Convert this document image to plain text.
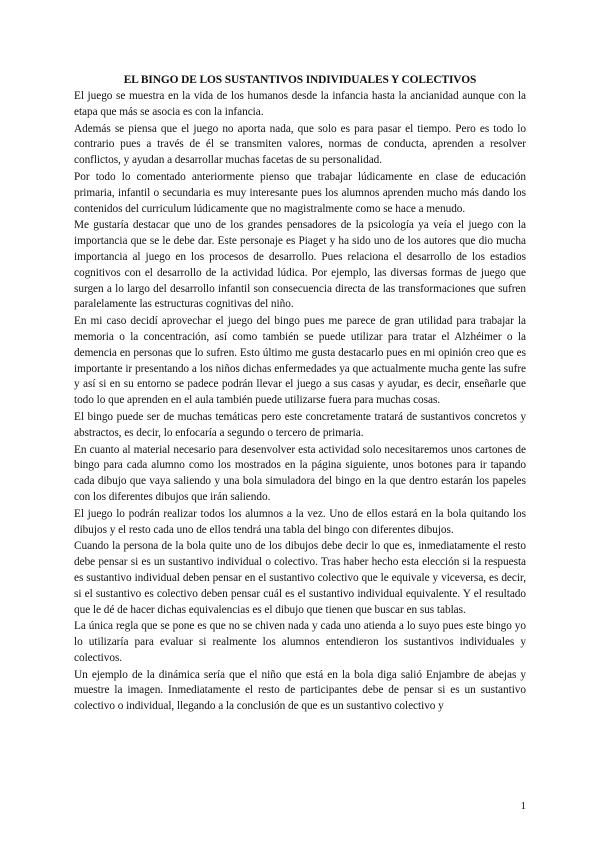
EL BINGO DE LOS SUSTANTIVOS INDIVIDUALES Y COLECTIVOS

El juego se muestra en la vida de los humanos desde la infancia hasta la ancianidad aunque con la etapa que más se asocia es con la infancia.

Además se piensa que el juego no aporta nada, que solo es para pasar el tiempo. Pero es todo lo contrario pues a través de él se transmiten valores, normas de conducta, aprenden a resolver conflictos, y ayudan a desarrollar muchas facetas de su personalidad.

Por todo lo comentado anteriormente pienso que trabajar lúdicamente en clase de educación primaria, infantil o secundaria es muy interesante pues los alumnos aprenden mucho más dando los contenidos del curriculum lúdicamente que no magistralmente como se hace a menudo.

Me gustaría destacar que uno de los grandes pensadores de la psicología ya veía el juego con la importancia que se le debe dar. Este personaje es Piaget y ha sido uno de los autores que dio mucha importancia al juego en los procesos de desarrollo. Pues relaciona el desarrollo de los estadios cognitivos con el desarrollo de la actividad lúdica. Por ejemplo, las diversas formas de juego que surgen a lo largo del desarrollo infantil son consecuencia directa de las transformaciones que sufren paralelamente las estructuras cognitivas del niño.

En mi caso decidí aprovechar el juego del bingo pues me parece de gran utilidad para trabajar la memoria o la concentración, así como también se puede utilizar para tratar el Alzhéimer o la demencia en personas que lo sufren. Esto último me gusta destacarlo pues en mi opinión creo que es importante ir presentando a los niños dichas enfermedades ya que actualmente mucha gente las sufre y así si en su entorno se padece podrán llevar el juego a sus casas y ayudar, es decir, enseñarle que todo lo que aprenden en el aula también puede utilizarse fuera para muchas cosas.

El bingo puede ser de muchas temáticas pero este concretamente tratará de sustantivos concretos y abstractos, es decir, lo enfocaría a segundo o tercero de primaria.

En cuanto al material necesario para desenvolver esta actividad solo necesitaremos unos cartones de bingo para cada alumno como los mostrados en la página siguiente, unos botones para ir tapando cada dibujo que vaya saliendo y una bola simuladora del bingo en la que dentro estarán los papeles con los diferentes dibujos que irán saliendo.

El juego lo podrán realizar todos los alumnos a la vez. Uno de ellos estará en la bola quitando los dibujos y el resto cada uno de ellos tendrá una tabla del bingo con diferentes dibujos.

Cuando la persona de la bola quite uno de los dibujos debe decir lo que es, inmediatamente el resto debe pensar si es un sustantivo individual o colectivo. Tras haber hecho esta elección si la respuesta es sustantivo individual deben pensar en el sustantivo colectivo que le equivale y viceversa, es decir, si el sustantivo es colectivo deben pensar cuál es el sustantivo individual equivalente. Y el resultado que le dé de hacer dichas equivalencias es el dibujo que tienen que buscar en sus tablas.

La única regla que se pone es que no se chiven nada y cada uno atienda a lo suyo pues este bingo yo lo utilizaría para evaluar si realmente los alumnos entendieron los sustantivos individuales y colectivos.

Un ejemplo de la dinámica sería que el niño que está en la bola diga salió Enjambre de abejas y muestre la imagen. Inmediatamente el resto de participantes debe de pensar si es un sustantivo colectivo o individual, llegando a la conclusión de que es un sustantivo colectivo y

1
